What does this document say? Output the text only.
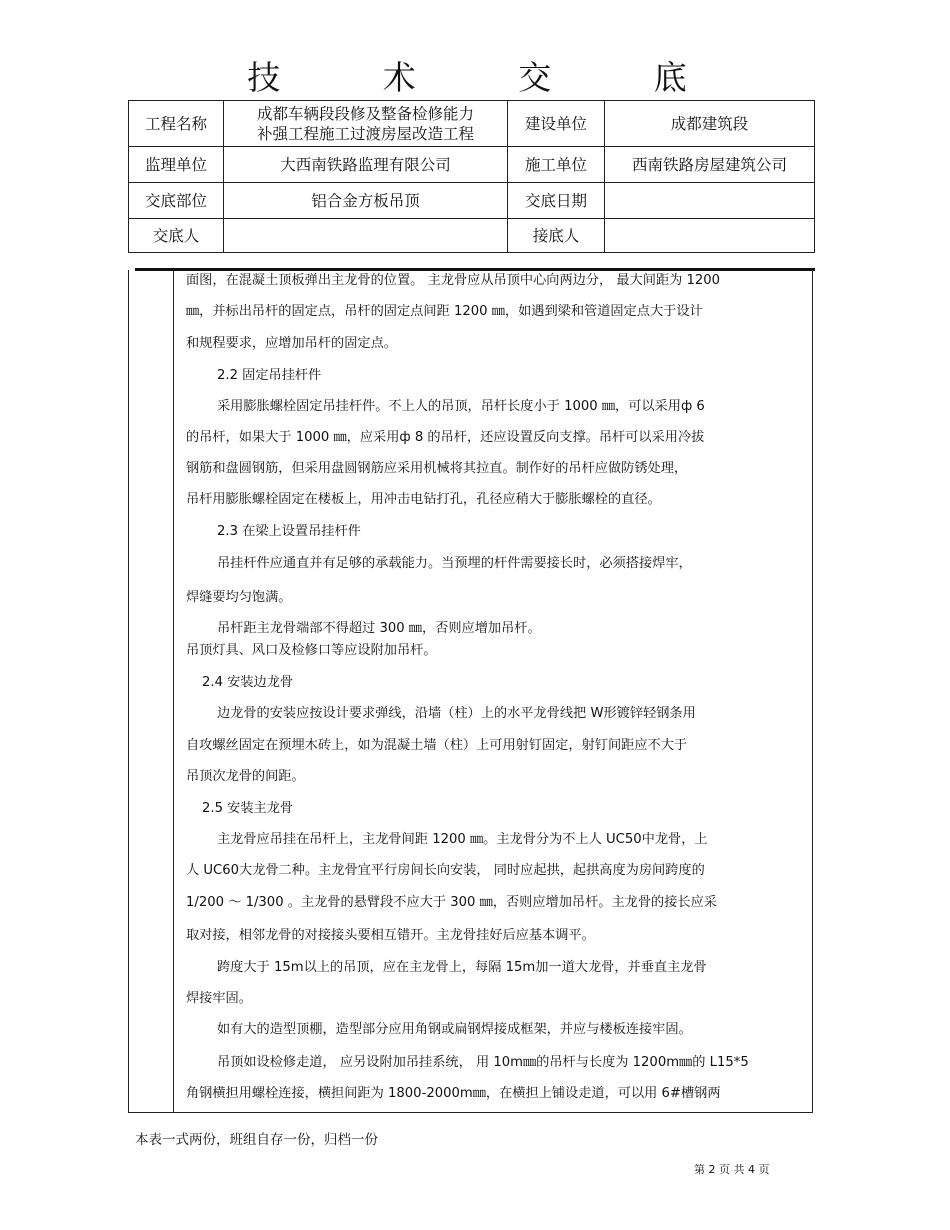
技 术 交 底
工程名称	成都车辆段段修及整备检修能力
补强工程施工过渡房屋改造工程	建设单位	成都建筑段
监理单位	大西南铁路监理有限公司	施工单位	西南铁路房屋建筑公司
交底部位	铝合金方板吊顶	交底日期	
交底人		接底人	
面图，在混凝土顶板弹出主龙骨的位置。 主龙骨应从吊顶中心向两边分， 最大间距为 1200
㎜，并标出吊杆的固定点，吊杆的固定点间距 1200 ㎜，如遇到梁和管道固定点大于设计
和规程要求，应增加吊杆的固定点。
2.2 固定吊挂杆件
采用膨胀螺栓固定吊挂杆件。不上人的吊顶，吊杆长度小于 1000 ㎜，可以采用ф 6
的吊杆，如果大于 1000 ㎜，应采用ф 8 的吊杆，还应设置反向支撑。吊杆可以采用冷拔
钢筋和盘圆钢筋，但采用盘圆钢筋应采用机械将其拉直。制作好的吊杆应做防锈处理，
吊杆用膨胀螺栓固定在楼板上，用冲击电钻打孔，孔径应稍大于膨胀螺栓的直径。
2.3 在梁上设置吊挂杆件
吊挂杆件应通直并有足够的承载能力。当预埋的杆件需要接长时，必须搭接焊牢，
焊缝要均匀饱满。
吊杆距主龙骨端部不得超过 300 ㎜，否则应增加吊杆。
吊顶灯具、风口及检修口等应设附加吊杆。
2.4 安装边龙骨
边龙骨的安装应按设计要求弹线，沿墙（柱）上的水平龙骨线把 W形镀锌轻钢条用
自攻螺丝固定在预埋木砖上，如为混凝土墙（柱）上可用射钉固定，射钉间距应不大于
吊顶次龙骨的间距。
2.5 安装主龙骨
主龙骨应吊挂在吊杆上，主龙骨间距 1200 ㎜。主龙骨分为不上人 UC50中龙骨，上
人 UC60大龙骨二种。主龙骨宜平行房间长向安装， 同时应起拱，起拱高度为房间跨度的
1/200 ～ 1/300 。主龙骨的悬臂段不应大于 300 ㎜，否则应增加吊杆。主龙骨的接长应采
取对接，相邻龙骨的对接接头要相互错开。主龙骨挂好后应基本调平。
跨度大于 15m以上的吊顶，应在主龙骨上，每隔 15m加一道大龙骨，并垂直主龙骨
焊接牢固。
如有大的造型顶棚，造型部分应用角钢或扁钢焊接成框架，并应与楼板连接牢固。
吊顶如设检修走道， 应另设附加吊挂系统， 用 10m㎜的吊杆与长度为 1200m㎜的 L15*5
角钢横担用螺栓连接，横担间距为 1800-2000m㎜，在横担上铺设走道，可以用 6#槽钢两
本表一式两份，班组自存一份，归档一份
第 2 页 共 4 页
